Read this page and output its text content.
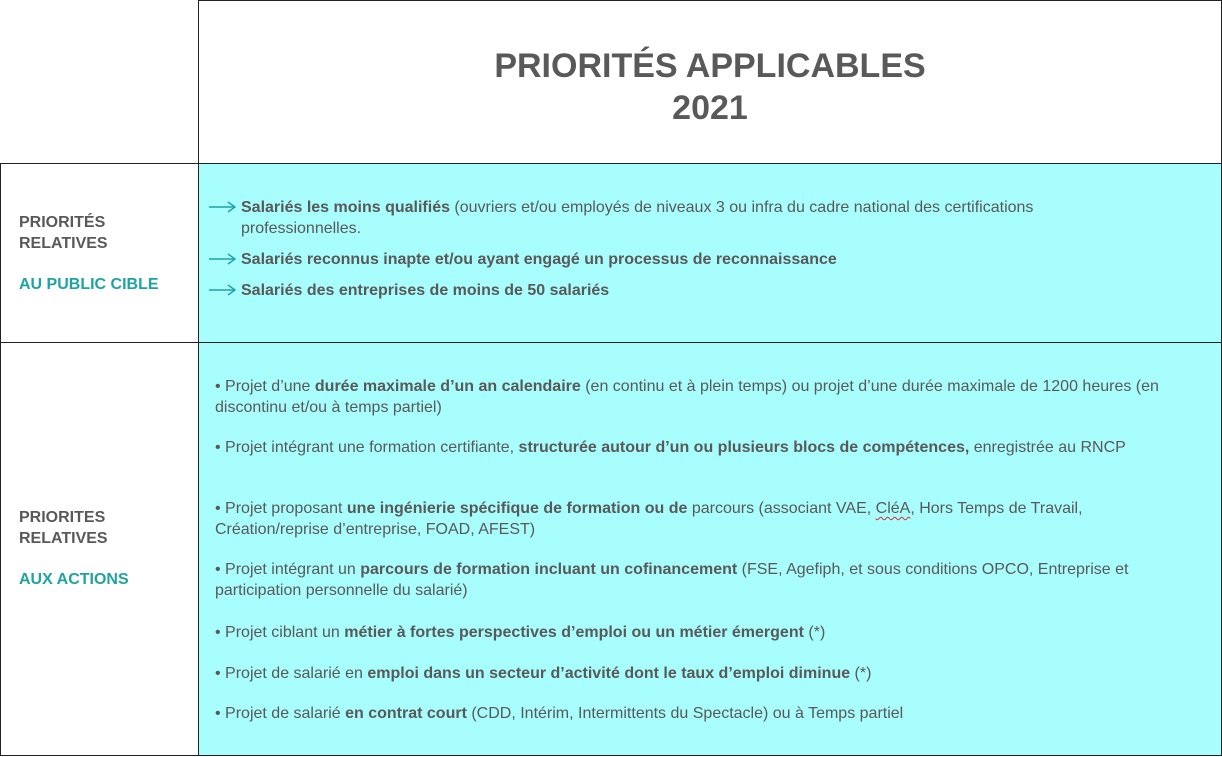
PRIORITÉS APPLICABLES
2021
PRIORITÉS
RELATIVES
AU PUBLIC CIBLE
Salariés les moins qualifiés (ouvriers et/ou employés de niveaux 3 ou infra du cadre national des certifications professionnelles.
Salariés reconnus inapte et/ou ayant engagé un processus de reconnaissance
Salariés des entreprises de moins de 50 salariés
PRIORITES
RELATIVES
AUX ACTIONS
• Projet d’une durée maximale d’un an calendaire (en continu et à plein temps) ou projet d’une durée maximale de 1200 heures (en discontinu et/ou à temps partiel)
• Projet intégrant une formation certifiante, structurée autour d’un ou plusieurs blocs de compétences, enregistrée au RNCP
• Projet proposant une ingénierie spécifique de formation ou de parcours (associant VAE, CléA, Hors Temps de Travail, Création/reprise d’entreprise, FOAD, AFEST)
• Projet intégrant un parcours de formation incluant un cofinancement (FSE, Agefiph, et sous conditions OPCO, Entreprise et participation personnelle du salarié)
• Projet ciblant un métier à fortes perspectives d’emploi ou un métier émergent (*)
• Projet de salarié en emploi dans un secteur d’activité dont le taux d’emploi diminue (*)
• Projet de salarié en contrat court (CDD, Intérim, Intermittents du Spectacle) ou à Temps partiel
